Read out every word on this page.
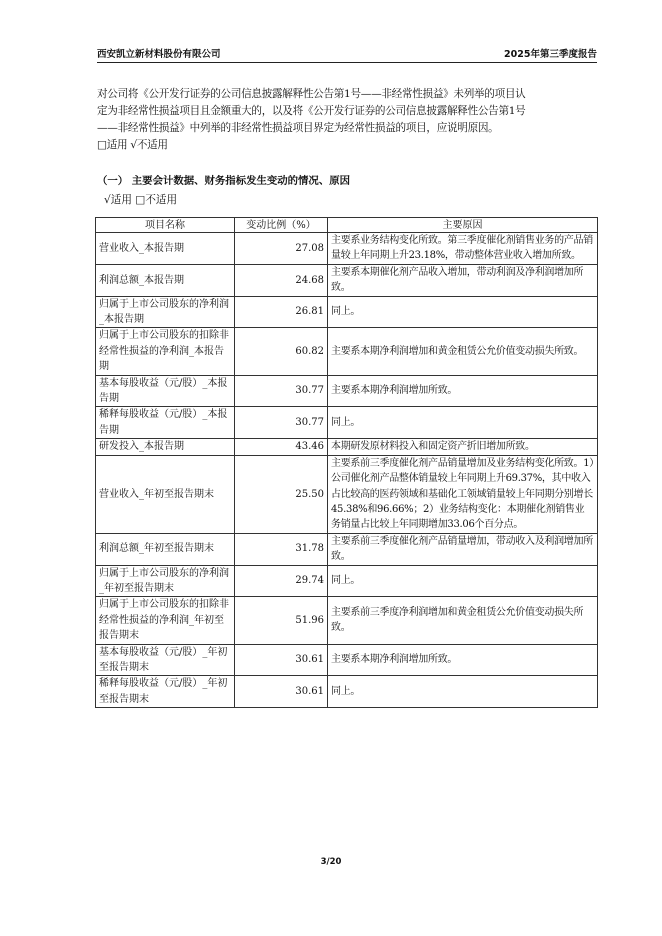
西安凯立新材料股份有限公司	2025年第三季度报告

对公司将《公开发行证券的公司信息披露解释性公告第1号——非经常性损益》未列举的项目认

定为非经常性损益项目且金额重大的，以及将《公开发行证券的公司信息披露解释性公告第1号

——非经常性损益》中列举的非经常性损益项目界定为经常性损益的项目，应说明原因。

□适用 √不适用

（一） 主要会计数据、财务指标发生变动的情况、原因
√适用 □不适用
项目名称	变动比例（%）	主要原因
营业收入_本报告期	27.08	主要系业务结构变化所致。第三季度催化剂销售业务的产品销量较上年同期上升23.18%，带动整体营业收入增加所致。
利润总额_本报告期	24.68	主要系本期催化剂产品收入增加，带动利润及净利润增加所致。
归属于上市公司股东的净利润_本报告期	26.81	同上。
归属于上市公司股东的扣除非经常性损益的净利润_本报告期	60.82	主要系本期净利润增加和黄金租赁公允价值变动损失所致。
基本每股收益（元/股）_本报告期	30.77	主要系本期净利润增加所致。
稀释每股收益（元/股）_本报告期	30.77	同上。
研发投入_本报告期	43.46	本期研发原材料投入和固定资产折旧增加所致。
营业收入_年初至报告期末	25.50	主要系前三季度催化剂产品销量增加及业务结构变化所致。1）公司催化剂产品整体销量较上年同期上升69.37%，其中收入占比较高的医药领域和基础化工领域销量较上年同期分别增长45.38%和96.66%；2）业务结构变化：本期催化剂销售业务销量占比较上年同期增加33.06个百分点。
利润总额_年初至报告期末	31.78	主要系前三季度催化剂产品销量增加，带动收入及利润增加所致。
归属于上市公司股东的净利润_年初至报告期末	29.74	同上。
归属于上市公司股东的扣除非经常性损益的净利润_年初至报告期末	51.96	主要系前三季度净利润增加和黄金租赁公允价值变动损失所致。
基本每股收益（元/股）_年初至报告期末	30.61	主要系本期净利润增加所致。
稀释每股收益（元/股）_年初至报告期末	30.61	同上。
3/20
